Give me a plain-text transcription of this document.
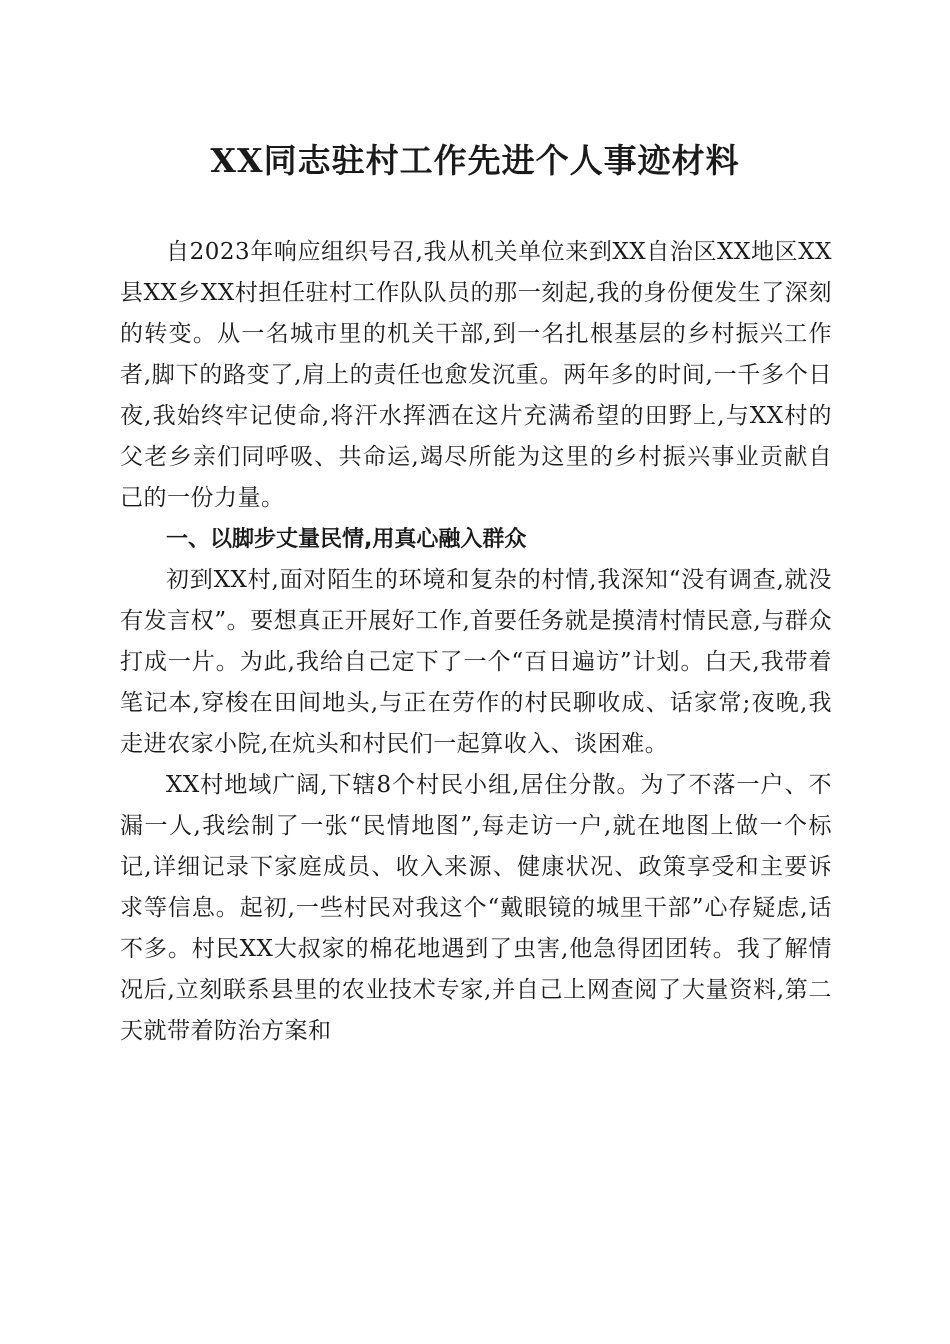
XX同志驻村工作先进个人事迹材料

自2023年响应组织号召,我从机关单位来到XX自治区XX地区XX县XX乡XX村担任驻村工作队队员的那一刻起,我的身份便发生了深刻的转变。从一名城市里的机关干部,到一名扎根基层的乡村振兴工作者,脚下的路变了,肩上的责任也愈发沉重。两年多的时间,一千多个日夜,我始终牢记使命,将汗水挥洒在这片充满希望的田野上,与XX村的父老乡亲们同呼吸、共命运,竭尽所能为这里的乡村振兴事业贡献自己的一份力量。

一、以脚步丈量民情,用真心融入群众

初到XX村,面对陌生的环境和复杂的村情,我深知“没有调查,就没有发言权”。要想真正开展好工作,首要任务就是摸清村情民意,与群众打成一片。为此,我给自己定下了一个“百日遍访”计划。白天,我带着笔记本,穿梭在田间地头,与正在劳作的村民聊收成、话家常;夜晚,我走进农家小院,在炕头和村民们一起算收入、谈困难。

XX村地域广阔,下辖8个村民小组,居住分散。为了不落一户、不漏一人,我绘制了一张“民情地图”,每走访一户,就在地图上做一个标记,详细记录下家庭成员、收入来源、健康状况、政策享受和主要诉求等信息。起初,一些村民对我这个“戴眼镜的城里干部”心存疑虑,话不多。村民XX大叔家的棉花地遇到了虫害,他急得团团转。我了解情况后,立刻联系县里的农业技术专家,并自己上网查阅了大量资料,第二天就带着防治方案和
